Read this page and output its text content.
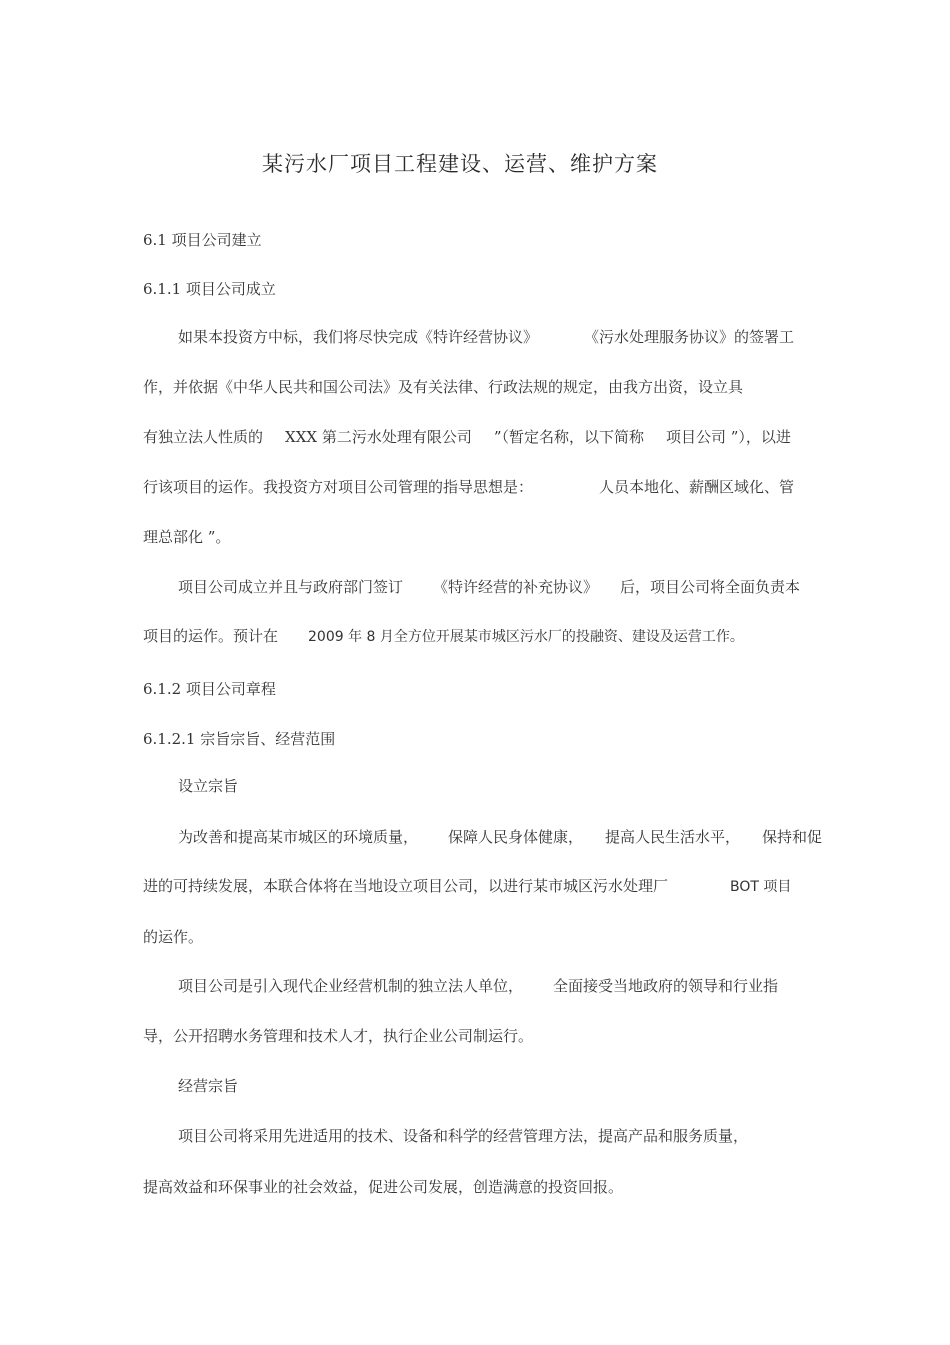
某污水厂项目工程建设、运营、维护方案
6.1 项目公司建立
6.1.1 项目公司成立
如果本投资方中标，我们将尽快完成《特许经营协议》	《污水处理服务协议》的签署工
作，并依据《中华人民共和国公司法》及有关法律、行政法规的规定，由我方出资，设立具
有独立法人性质的 XXX 第二污水处理有限公司 ”（暂定名称，以下简称 项目公司 ”），以进
行该项目的运作。我投资方对项目公司管理的指导思想是：	人员本地化、薪酬区域化、管
理总部化 ”。
项目公司成立并且与政府部门签订 《特许经营的补充协议》 后，项目公司将全面负责本
项目的运作。预计在 2009 年 8 月全方位开展某市城区污水厂的投融资、建设及运营工作。
6.1.2 项目公司章程
6.1.2.1 宗旨宗旨、经营范围
设立宗旨
为改善和提高某市城区的环境质量， 保障人民身体健康， 提高人民生活水平， 保持和促
进的可持续发展，本联合体将在当地设立项目公司，以进行某市城区污水处理厂	BOT 项目
的运作。
项目公司是引入现代企业经营机制的独立法人单位， 全面接受当地政府的领导和行业指
导，公开招聘水务管理和技术人才，执行企业公司制运行。
经营宗旨
项目公司将采用先进适用的技术、设备和科学的经营管理方法，提高产品和服务质量，
提高效益和环保事业的社会效益，促进公司发展，创造满意的投资回报。
